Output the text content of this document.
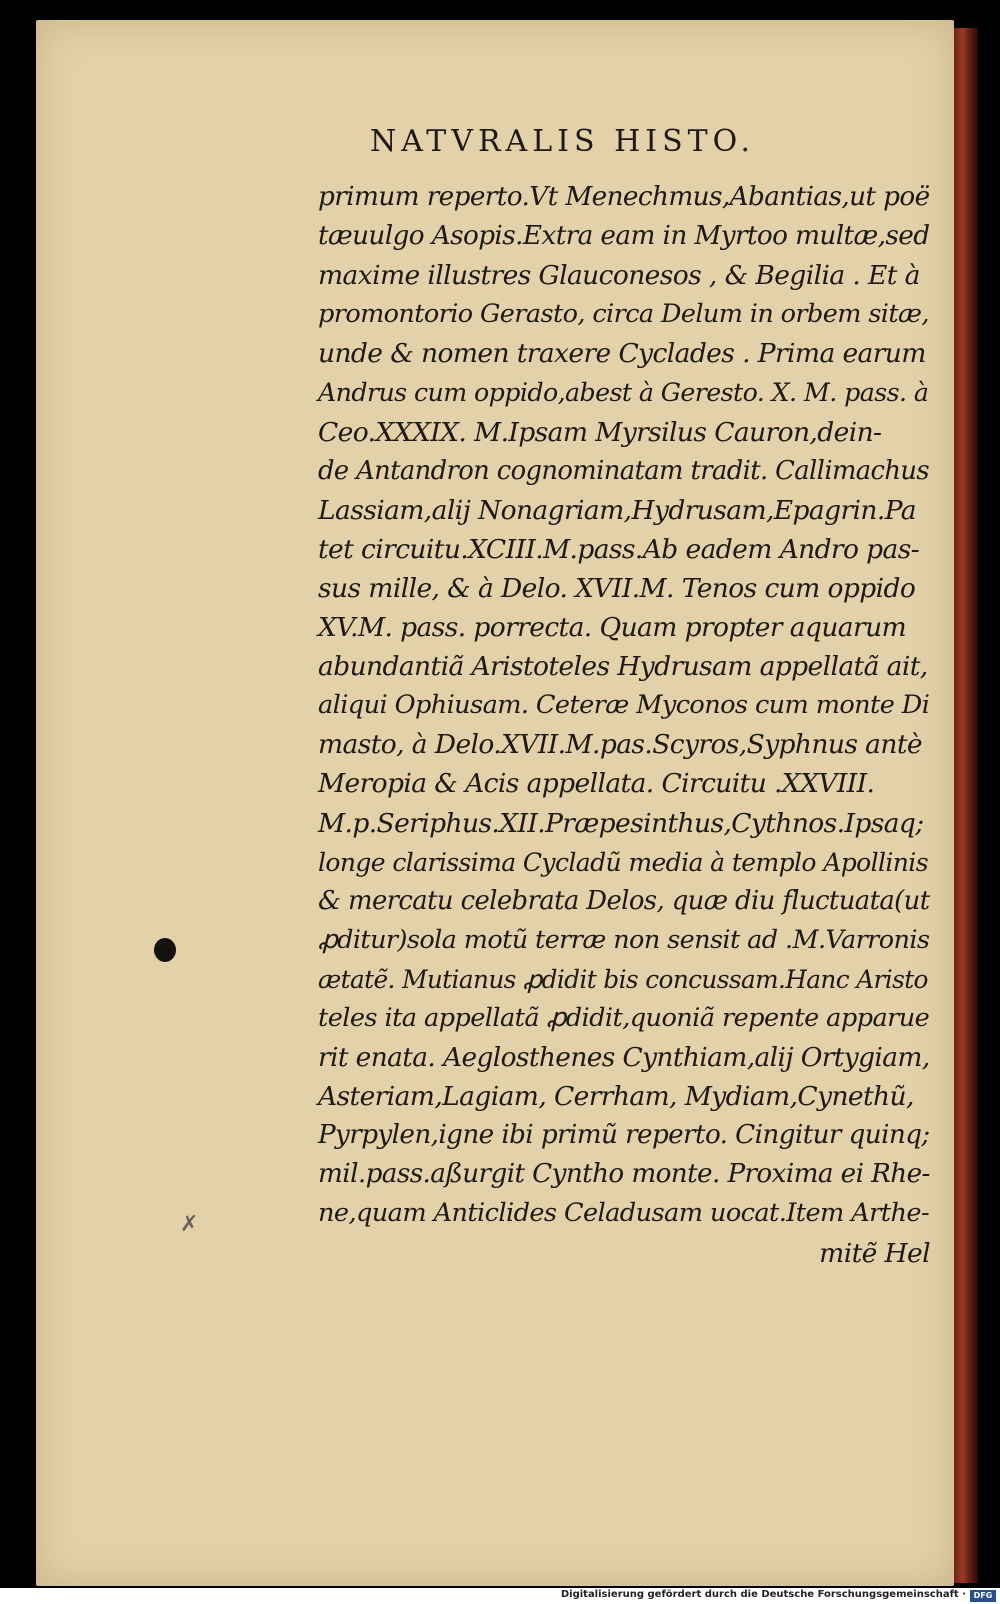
NATVRALIS HISTO.
primum reperto.Vt Menechmus,Abantias,ut poë
tæuulgo Asopis.Extra eam in Myrtoo multæ,sed
maxime illustres Glauconesos , & Begilia . Et à
promontorio Gerasto, circa Delum in orbem sitæ,
unde & nomen traxere Cyclades . Prima earum
Andrus cum oppido,abest à Geresto. X. M. pass. à
Ceo.XXXIX. M.Ipsam Myrsilus Cauron,dein-
de Antandron cognominatam tradit. Callimachus
Lassiam,alij Nonagriam,Hydrusam,Epagrin.Pa
tet circuitu.XCIII.M.pass.Ab eadem Andro pas-
sus mille, & à Delo. XVII.M. Tenos cum oppido
XV.M. pass. porrecta. Quam propter aquarum
abundantiã Aristoteles Hydrusam appellatã ait,
aliqui Ophiusam. Ceteræ Myconos cum monte Di
masto, à Delo.XVII.M.pas.Scyros,Syphnus antè
Meropia & Acis appellata. Circuitu .XXVIII.
M.p.Seriphus.XII.Præpesinthus,Cythnos.Ipsaq;
longe clarissima Cycladũ media à templo Apollinis
& mercatu celebrata Delos, quæ diu fluctuata(ut
ꝓditur)sola motũ terræ non sensit ad .M.Varronis
ætatẽ. Mutianus ꝓdidit bis concussam.Hanc Aristo
teles ita appellatã ꝓdidit,quoniã repente apparue
rit enata. Aeglosthenes Cynthiam,alij Ortygiam,
Asteriam,Lagiam, Cerrham, Mydiam,Cynethũ,
Pyrpylen,igne ibi primũ reperto. Cingitur quinq;
mil.pass.aßurgit Cyntho monte. Proxima ei Rhe-
ne,quam Anticlides Celadusam uocat.Item Arthe-
mitẽ Hel
✗
Digitalisierung gefördert durch die Deutsche Forschungsgemeinschaft · DFG
